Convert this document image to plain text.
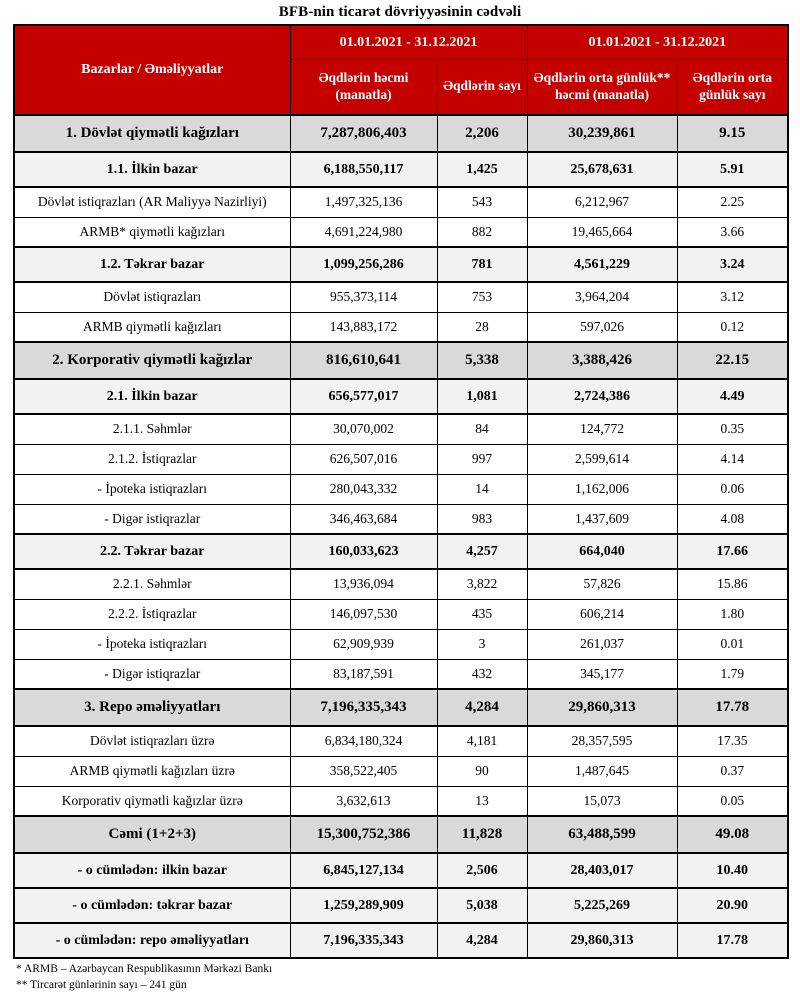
BFB-nin ticarət dövriyyəsinin cədvəli
Bazarlar / Əməliyyatlar	01.01.2021 - 31.12.2021		01.01.2021 - 31.12.2021	
	Əqdlərin həcmi (manatla)	Əqdlərin sayı	Əqdlərin orta günlük** həcmi (manatla)	Əqdlərin orta günlük sayı
1. Dövlət qiymətli kağızları	7,287,806,403	2,206	30,239,861	9.15
1.1. İlkin bazar	6,188,550,117	1,425	25,678,631	5.91
Dövlət istiqrazları (AR Maliyyə Nazirliyi)	1,497,325,136	543	6,212,967	2.25
ARMB* qiymətli kağızları	4,691,224,980	882	19,465,664	3.66
1.2. Təkrar bazar	1,099,256,286	781	4,561,229	3.24
Dövlət istiqrazları	955,373,114	753	3,964,204	3.12
ARMB qiymətli kağızları	143,883,172	28	597,026	0.12
2. Korporativ qiymətli kağızlar	816,610,641	5,338	3,388,426	22.15
2.1. İlkin bazar	656,577,017	1,081	2,724,386	4.49
2.1.1. Səhmlər	30,070,002	84	124,772	0.35
2.1.2. İstiqrazlar	626,507,016	997	2,599,614	4.14
- İpoteka istiqrazları	280,043,332	14	1,162,006	0.06
- Digər istiqrazlar	346,463,684	983	1,437,609	4.08
2.2. Təkrar bazar	160,033,623	4,257	664,040	17.66
2.2.1. Səhmlər	13,936,094	3,822	57,826	15.86
2.2.2. İstiqrazlar	146,097,530	435	606,214	1.80
- İpoteka istiqrazları	62,909,939	3	261,037	0.01
- Digər istiqrazlar	83,187,591	432	345,177	1.79
3. Repo əməliyyatları	7,196,335,343	4,284	29,860,313	17.78
Dövlət istiqrazları üzrə	6,834,180,324	4,181	28,357,595	17.35
ARMB qiymətli kağızları üzrə	358,522,405	90	1,487,645	0.37
Korporativ qiymətli kağızlar üzrə	3,632,613	13	15,073	0.05
Cəmi (1+2+3)	15,300,752,386	11,828	63,488,599	49.08
- o cümlədən: ilkin bazar	6,845,127,134	2,506	28,403,017	10.40
- o cümlədən: təkrar bazar	1,259,289,909	5,038	5,225,269	20.90
- o cümlədən: repo əməliyyatları	7,196,335,343	4,284	29,860,313	17.78
* ARMB – Azərbaycan Respublikasının Mərkəzi Bankı
** Tircarət günlərinin sayı – 241 gün
